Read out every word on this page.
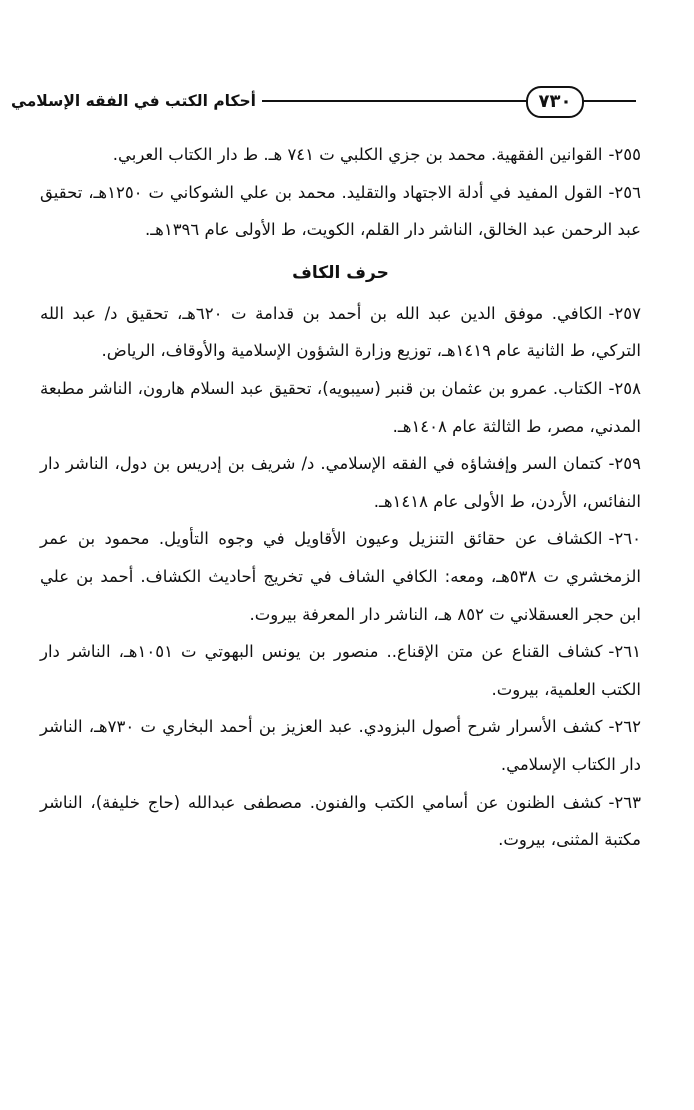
٧٣٠
أحكام الكتب في الفقه الإسلامي

٢٥٥-القوانين الفقهية. محمد بن جزي الكلبي ت ٧٤١ هـ. ط دار الكتاب العربي.

٢٥٦-القول المفيد في أدلة الاجتهاد والتقليد. محمد بن علي الشوكاني ت ١٢٥٠هـ، تحقيق عبد الرحمن عبد الخالق، الناشر دار القلم، الكويت، ط الأولى عام ١٣٩٦هـ.

حرف الكاف

٢٥٧-الكافي. موفق الدين عبد الله بن أحمد بن قدامة ت ٦٢٠هـ، تحقيق د/ عبد الله التركي، ط الثانية عام ١٤١٩هـ، توزيع وزارة الشؤون الإسلامية والأوقاف، الرياض.

٢٥٨-الكتاب. عمرو بن عثمان بن قنبر (سيبويه)، تحقيق عبد السلام هارون، الناشر مطبعة المدني، مصر، ط الثالثة عام ١٤٠٨هـ.

٢٥٩-كتمان السر وإفشاؤه في الفقه الإسلامي. د/ شريف بن إدريس بن دول، الناشر دار النفائس، الأردن، ط الأولى عام ١٤١٨هـ.

٢٦٠-الكشاف عن حقائق التنزيل وعيون الأقاويل في وجوه التأويل. محمود بن عمر الزمخشري ت ٥٣٨هـ، ومعه: الكافي الشاف في تخريج أحاديث الكشاف. أحمد بن علي ابن حجر العسقلاني ت ٨٥٢ هـ، الناشر دار المعرفة بيروت.

٢٦١-كشاف القناع عن متن الإقناع.. منصور بن يونس البهوتي ت ١٠٥١هـ، الناشر دار الكتب العلمية، بيروت.

٢٦٢-كشف الأسرار شرح أصول البزودي. عبد العزيز بن أحمد البخاري ت ٧٣٠هـ، الناشر دار الكتاب الإسلامي.

٢٦٣-كشف الظنون عن أسامي الكتب والفنون. مصطفى عبدالله (حاج خليفة)، الناشر مكتبة المثنى، بيروت.
